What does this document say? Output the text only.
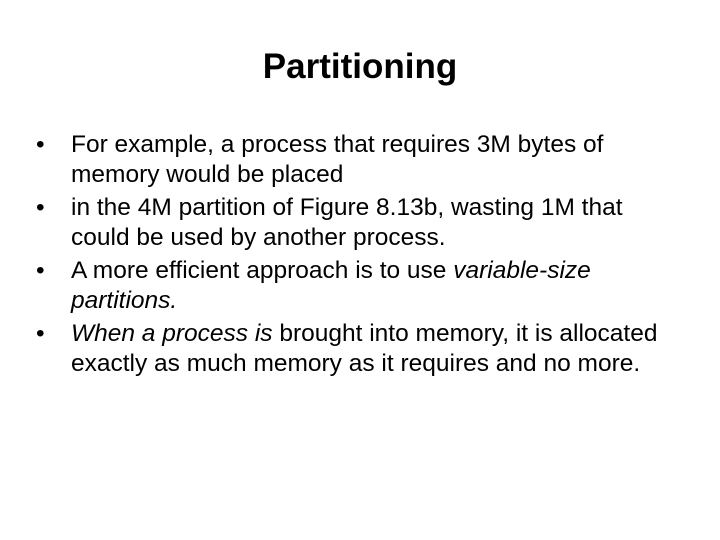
Partitioning
•	For example, a process that requires 3M bytes of memory would be placed
•	in the 4M partition of Figure 8.13b, wasting 1M that could be used by another process.
•	A more efficient approach is to use variable-size partitions.
•	When a process is brought into memory, it is allocated exactly as much memory as it requires and no more.
